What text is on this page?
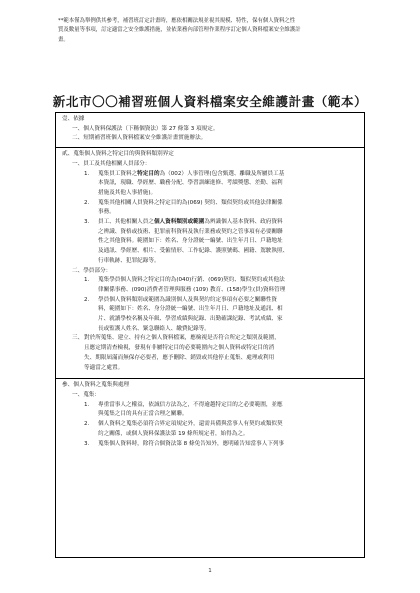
**範本僅為舉例供其參考，補習班訂定計畫時，應依相關法規並視其規模、特性，保有個人資料之性
質及數量等事項，訂定適當之安全維護措施，並依業務內部管理作業程序訂定個人資料檔案安全維護計
畫。
新北市〇〇補習班個人資料檔案安全維護計畫（範本）
壹、依據
一、個人資料保護法（下稱個資法）第 27 條第 3 項規定。
二、短期補習班個人資料檔案安全維護計畫實施辦法。
貳、蒐集個人資料之特定目的與資料類別界定
一、員工及其他相關人員部分：
1.	蒐集員工資料之特定目的為（002）人事管理(包含甄選、離職及所屬員工基
本資訊，現職、學經歷、職務分配、學習訓練進修、考績獎懲、差勤、福利
措施及其他人事措施)。
2.	蒐集其他相關人員資料之特定目的為(069) 契約、類似契約或其他法律關係
事務。
3.	員工、其他相關人員之個人資料類別或範圍為辨識個人基本資料、政府資料
之辨識、資格或技術、犯罪前科資料及執行業務或契約之管事項有必要關聯
性之其他資料。範圍如下：姓名、身分證統一編號、出生年月日、戶籍地址
及通訊、學經歷、相片、受僱情形、工作紀錄、護照號碼、國籍、駕駛執照、
行車軌跡、犯罪紀錄等。
二、學員部分：
1.	蒐集學員個人資料之特定目的為(040)行銷、(069)契約、類似契約或其他法
律關係事務、(090)消費者管理與服務 (109) 教育、(158)學生(員)資料管理
2.	學員個人資料類別或範圍為識別個人及與契約約定事項有必要之關聯性資
料，範圍如下：姓名、身分證統一編號、出生年月日、戶籍地址及通訊、相
片、就讀學校名稱及年級、學習成績與紀錄、出勤確課紀錄、考試成績、家
長或監護人姓名、緊急聯絡人、繳費紀錄等。
三、 對於所蒐集、建立、持有之個人資料檔案，應檢視是否符合所定之類別及範圍，
且應定期清查檢視，發現有非屬特定目的必要範圍內之個人資料或特定目的消
失、期限屆滿而無保存必要者，應予刪除、銷毀或其他停止蒐集、處理或利用
等適當之處置。
參、個人資料之蒐集與處理
一、蒐集：
1.	專重當事人之權益，依誠信方法為之，不得逾越特定目的之必要範圍，並應
與蒐集之目的具有正當合理之關聯。
2.	個人資料之蒐集必須符合界定項規定外，還需具備與當事人有契約或類似契
約之關係，或個人資料保護法第 19 條所規定者，始得為之。
3.	蒐集個人資料時，除符合個資法第 8 條免告知外，應明確告知當事人下列事
1
